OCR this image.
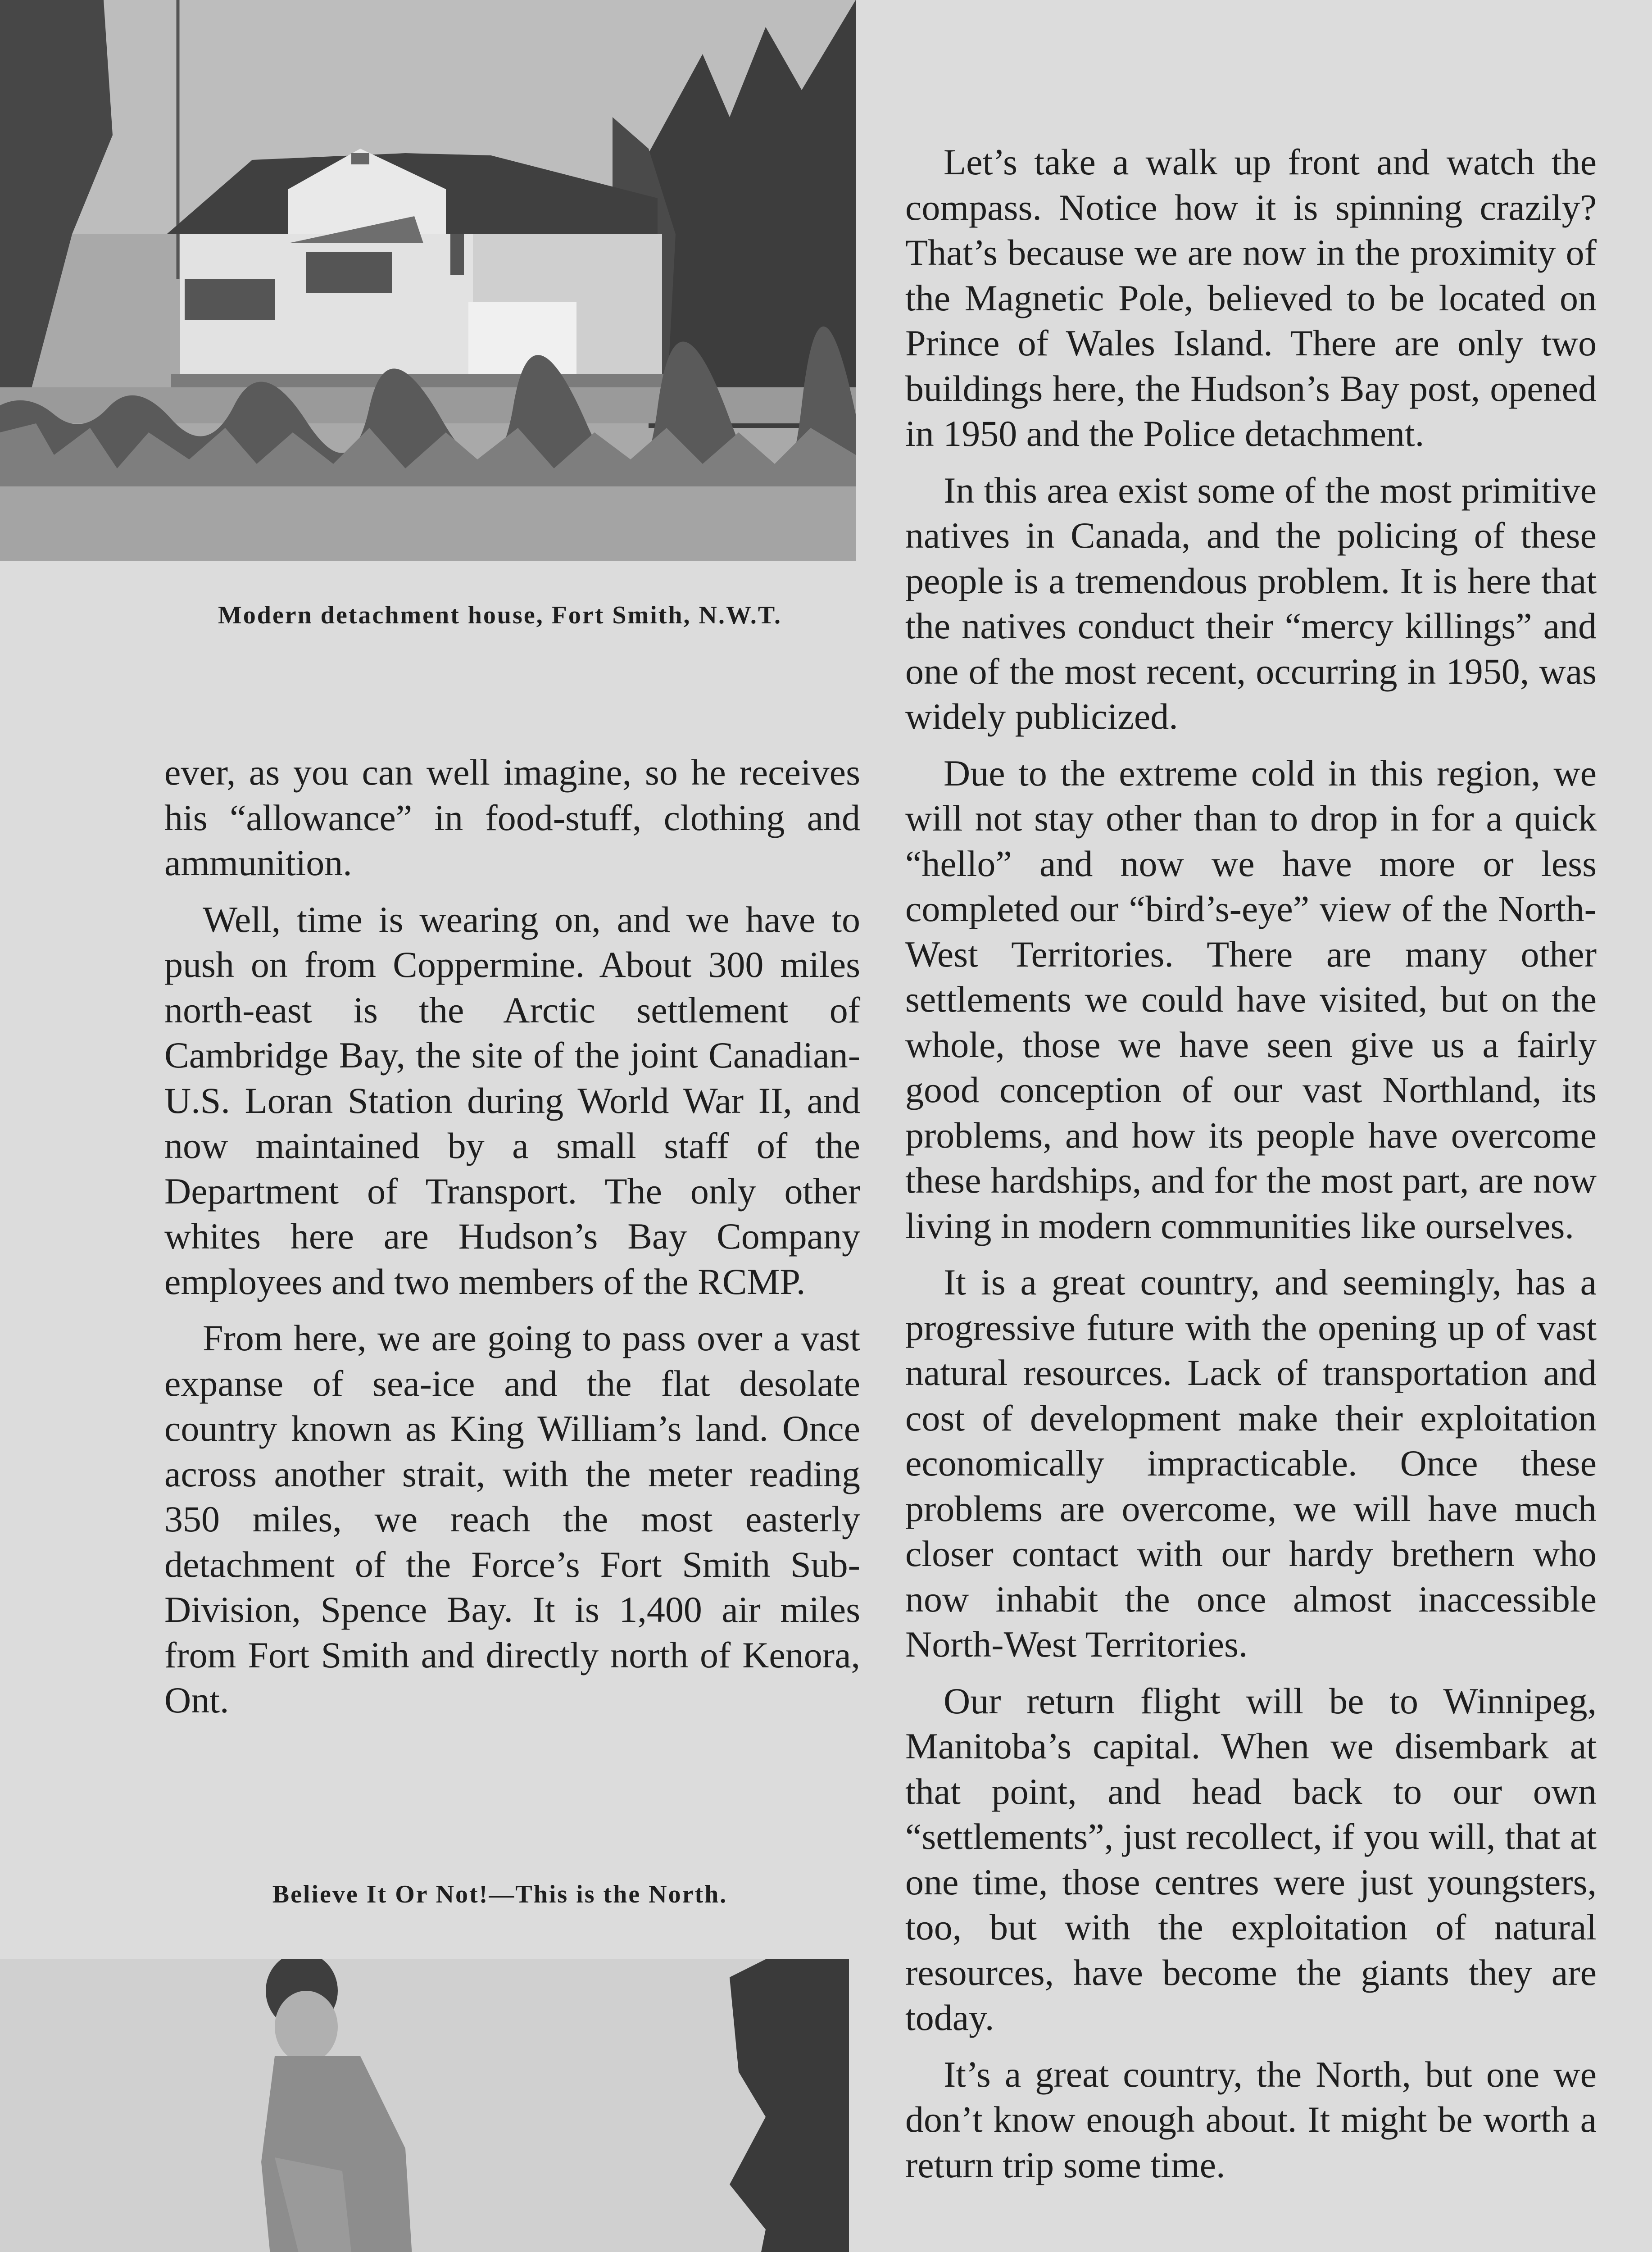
Modern detachment house, Fort Smith, N.W.T.

ever, as you can well imagine, so he receives his “allowance” in food-stuff, clothing and ammunition.

Well, time is wearing on, and we have to push on from Coppermine. About 300 miles north-east is the Arctic settlement of Cambridge Bay, the site of the joint Canadian-U.S. Loran Station during World War II, and now maintained by a small staff of the Department of Transport. The only other whites here are Hudson’s Bay Company employees and two members of the RCMP.

From here, we are going to pass over a vast expanse of sea-ice and the flat desolate country known as King William’s land. Once across another strait, with the meter reading 350 miles, we reach the most easterly detachment of the Force’s Fort Smith Sub-Division, Spence Bay. It is 1,400 air miles from Fort Smith and directly north of Kenora, Ont.

Believe It Or Not!—This is the North.

Let’s take a walk up front and watch the compass. Notice how it is spinning crazily? That’s because we are now in the proximity of the Magnetic Pole, believed to be located on Prince of Wales Island. There are only two buildings here, the Hudson’s Bay post, opened in 1950 and the Police detachment.

In this area exist some of the most primitive natives in Canada, and the policing of these people is a tremendous problem. It is here that the natives conduct their “mercy killings” and one of the most recent, occurring in 1950, was widely publicized.

Due to the extreme cold in this region, we will not stay other than to drop in for a quick “hello” and now we have more or less completed our “bird’s-eye” view of the North-West Territories. There are many other settlements we could have visited, but on the whole, those we have seen give us a fairly good conception of our vast Northland, its problems, and how its people have overcome these hardships, and for the most part, are now living in modern communities like ourselves.

It is a great country, and seemingly, has a progressive future with the opening up of vast natural resources. Lack of transportation and cost of development make their exploitation economically impracticable. Once these problems are overcome, we will have much closer contact with our hardy brethern who now inhabit the once almost inaccessible North-West Territories.

Our return flight will be to Winnipeg, Manitoba’s capital. When we disembark at that point, and head back to our own “settlements”, just recollect, if you will, that at one time, those centres were just youngsters, too, but with the exploitation of natural resources, have become the giants they are today.

It’s a great country, the North, but one we don’t know enough about. It might be worth a return trip some time.
